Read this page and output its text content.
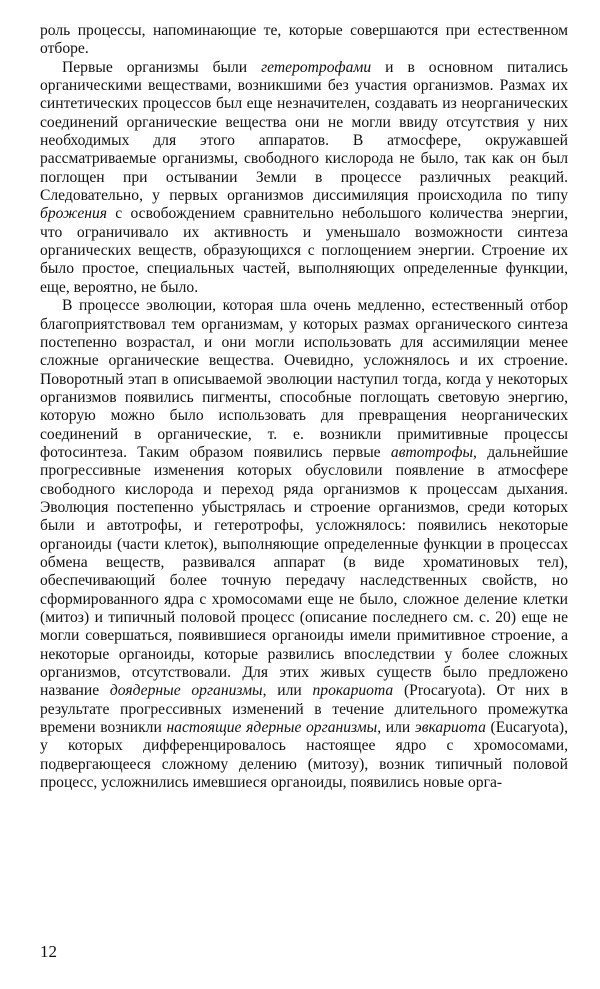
роль процессы, напоминающие те, которые совершаются при естественном отборе.

Первые организмы были гетеротрофами и в основном питались органическими веществами, возникшими без участия организмов. Размах их синтетических процессов был еще незначителен, создавать из неорганических соединений органические вещества они не могли ввиду отсутствия у них необходимых для этого аппаратов. В атмосфере, окружавшей рассматриваемые организмы, свободного кислорода не было, так как он был поглощен при остывании Земли в процессе различных реакций. Следовательно, у первых организмов диссимиляция происходила по типу брожения с освобождением сравнительно небольшого количества энергии, что ограничивало их активность и уменьшало возможности синтеза органических веществ, образующихся с поглощением энергии. Строение их было простое, специальных частей, выполняющих определенные функции, еще, вероятно, не было.

В процессе эволюции, которая шла очень медленно, естественный отбор благоприятствовал тем организмам, у которых размах органического синтеза постепенно возрастал, и они могли использовать для ассимиляции менее сложные органические вещества. Очевидно, усложнялось и их строение. Поворотный этап в описываемой эволюции наступил тогда, когда у некоторых организмов появились пигменты, способные поглощать световую энергию, которую можно было использовать для превращения неорганических соединений в органические, т. е. возникли примитивные процессы фотосинтеза. Таким образом появились первые автотрофы, дальнейшие прогрессивные изменения которых обусловили появление в атмосфере свободного кислорода и переход ряда организмов к процессам дыхания. Эволюция постепенно убыстрялась и строение организмов, среди которых были и автотрофы, и гетеротрофы, усложнялось: появились некоторые органоиды (части клеток), выполняющие определенные функции в процессах обмена веществ, развивался аппарат (в виде хроматиновых тел), обеспечивающий более точную передачу наследственных свойств, но сформированного ядра с хромосомами еще не было, сложное деление клетки (митоз) и типичный половой процесс (описание последнего см. с. 20) еще не могли совершаться, появившиеся органоиды имели примитивное строение, а некоторые органоиды, которые развились впоследствии у более сложных организмов, отсутствовали. Для этих живых существ было предложено название доядерные организмы, или прокариота (Procaryota). От них в результате прогрессивных изменений в течение длительного промежутка времени возникли настоящие ядерные организмы, или эвкариота (Eucaryota), у которых дифференцировалось настоящее ядро с хромосомами, подвергающееся сложному делению (митозу), возник типичный половой процесс, усложнились имевшиеся органоиды, появились новые орга-

12
